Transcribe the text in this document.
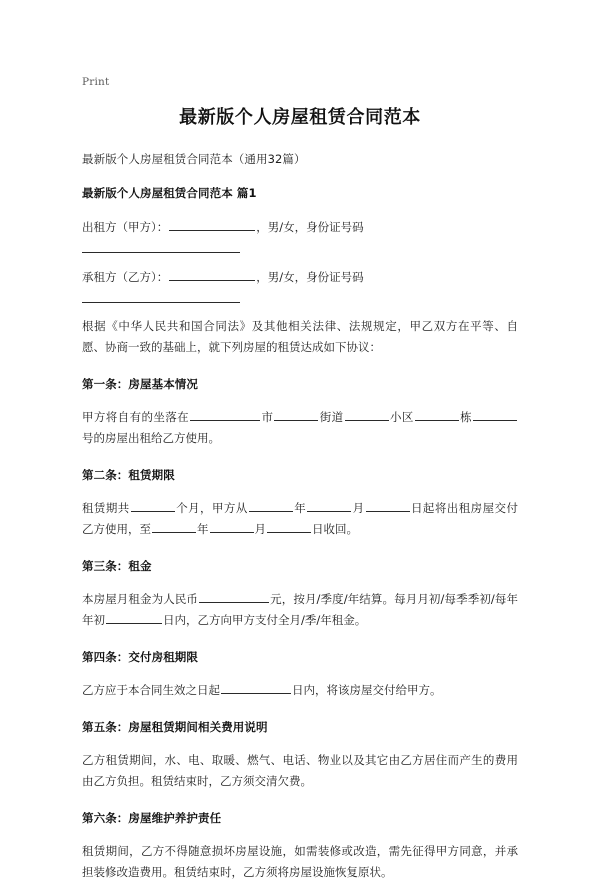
Print
最新版个人房屋租赁合同范本

最新版个人房屋租赁合同范本（通用32篇）

最新版个人房屋租赁合同范本 篇1

出租方（甲方）：	，男/女，身份证号码

承租方（乙方）：	，男/女，身份证号码

根据《中华人民共和国合同法》及其他相关法律、法规规定，甲乙双方在平等、自愿、协商一致的基础上，就下列房屋的租赁达成如下协议：

第一条：房屋基本情况

甲方将自有的坐落在	市	街道	小区	栋号的房屋出租给乙方使用。

第二条：租赁期限

租赁期共	个月，甲方从	年	月	日起将出租房屋交付乙方使用，至	年	月	日收回。

第三条：租金

本房屋月租金为人民币	元，按月/季度/年结算。每月月初/每季季初/每年年初	日内，乙方向甲方支付全月/季/年租金。

第四条：交付房租期限

乙方应于本合同生效之日起	日内，将该房屋交付给甲方。

第五条：房屋租赁期间相关费用说明

乙方租赁期间，水、电、取暖、燃气、电话、物业以及其它由乙方居住而产生的费用由乙方负担。租赁结束时，乙方须交清欠费。

第六条：房屋维护养护责任

租赁期间，乙方不得随意损坏房屋设施，如需装修或改造，需先征得甲方同意，并承担装修改造费用。租赁结束时，乙方须将房屋设施恢复原状。
